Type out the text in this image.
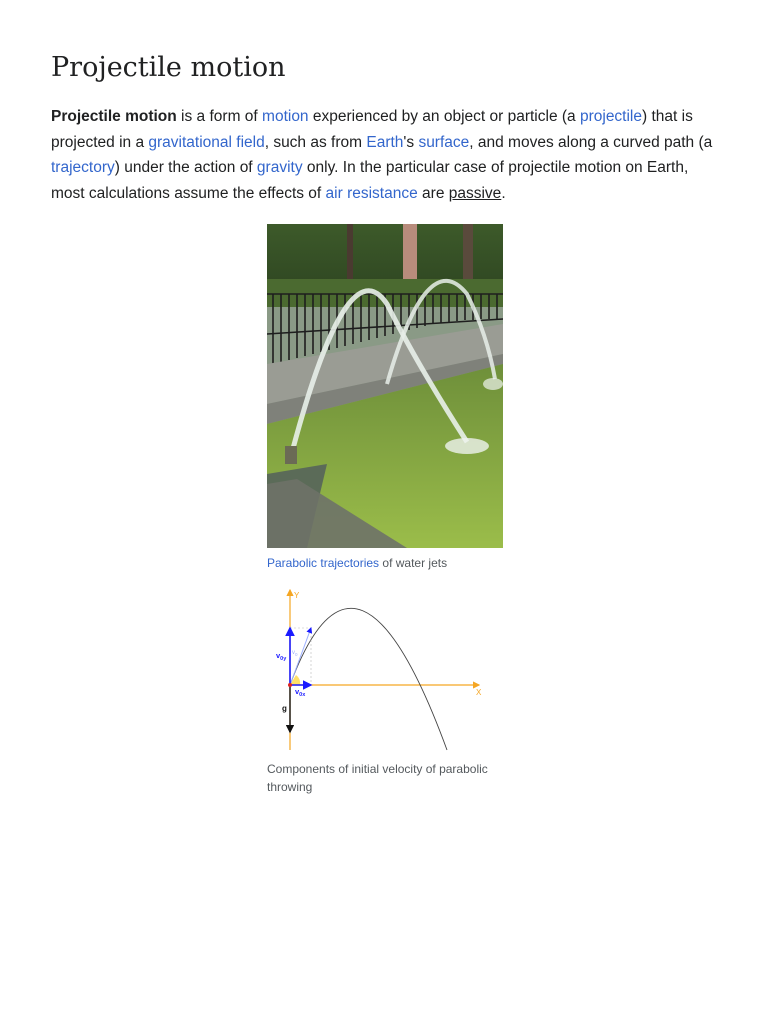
Projectile motion

Projectile motion is a form of motion experienced by an object or particle (a projectile) that is projected in a gravitational field, such as from Earth's surface, and moves along a curved path (a trajectory) under the action of gravity only. In the particular case of projectile motion on Earth, most calculations assume the effects of air resistance are passive.

Parabolic trajectories of water jets
Y
X
$v_{0y}$
$v_{0x}$
$v_0$
g
Components of initial velocity of parabolic throwing
